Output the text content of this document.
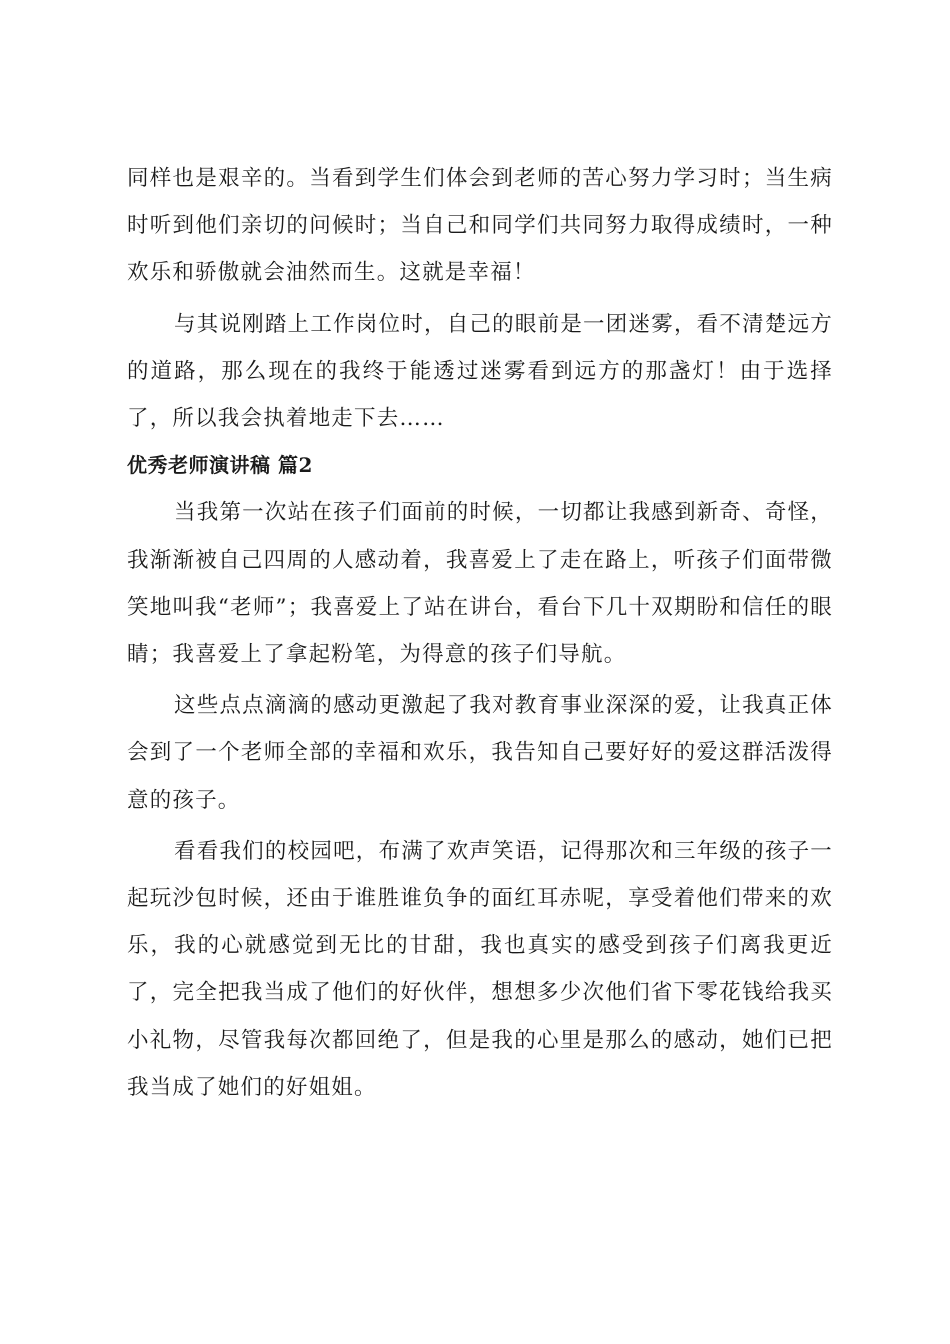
同样也是艰辛的。当看到学生们体会到老师的苦心努力学习时；当生病时听到他们亲切的问候时；当自己和同学们共同努力取得成绩时，一种欢乐和骄傲就会油然而生。这就是幸福！

与其说刚踏上工作岗位时，自己的眼前是一团迷雾，看不清楚远方的道路，那么现在的我终于能透过迷雾看到远方的那盏灯！由于选择了，所以我会执着地走下去……

优秀老师演讲稿 篇2

当我第一次站在孩子们面前的时候，一切都让我感到新奇、奇怪，我渐渐被自己四周的人感动着，我喜爱上了走在路上，听孩子们面带微笑地叫我“老师”；我喜爱上了站在讲台，看台下几十双期盼和信任的眼睛；我喜爱上了拿起粉笔，为得意的孩子们导航。

这些点点滴滴的感动更激起了我对教育事业深深的爱，让我真正体会到了一个老师全部的幸福和欢乐，我告知自己要好好的爱这群活泼得意的孩子。

看看我们的校园吧，布满了欢声笑语，记得那次和三年级的孩子一起玩沙包时候，还由于谁胜谁负争的面红耳赤呢，享受着他们带来的欢乐，我的心就感觉到无比的甘甜，我也真实的感受到孩子们离我更近了，完全把我当成了他们的好伙伴，想想多少次他们省下零花钱给我买小礼物，尽管我每次都回绝了，但是我的心里是那么的感动，她们已把我当成了她们的好姐姐。
